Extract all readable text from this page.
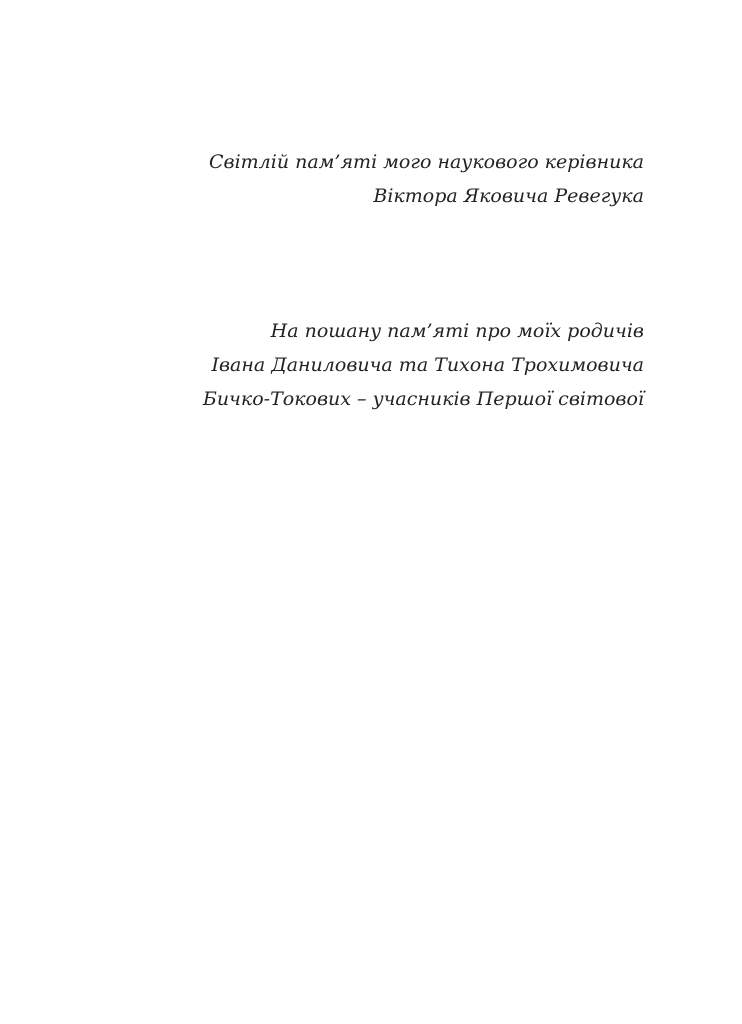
Світлій пам’яті мого наукового керівника
Віктора Яковича Ревегука
На пошану пам’яті про моїх родичів
Івана Даниловича та Тихона Трохимовича
Бичко-Токових – учасників Першої світової
